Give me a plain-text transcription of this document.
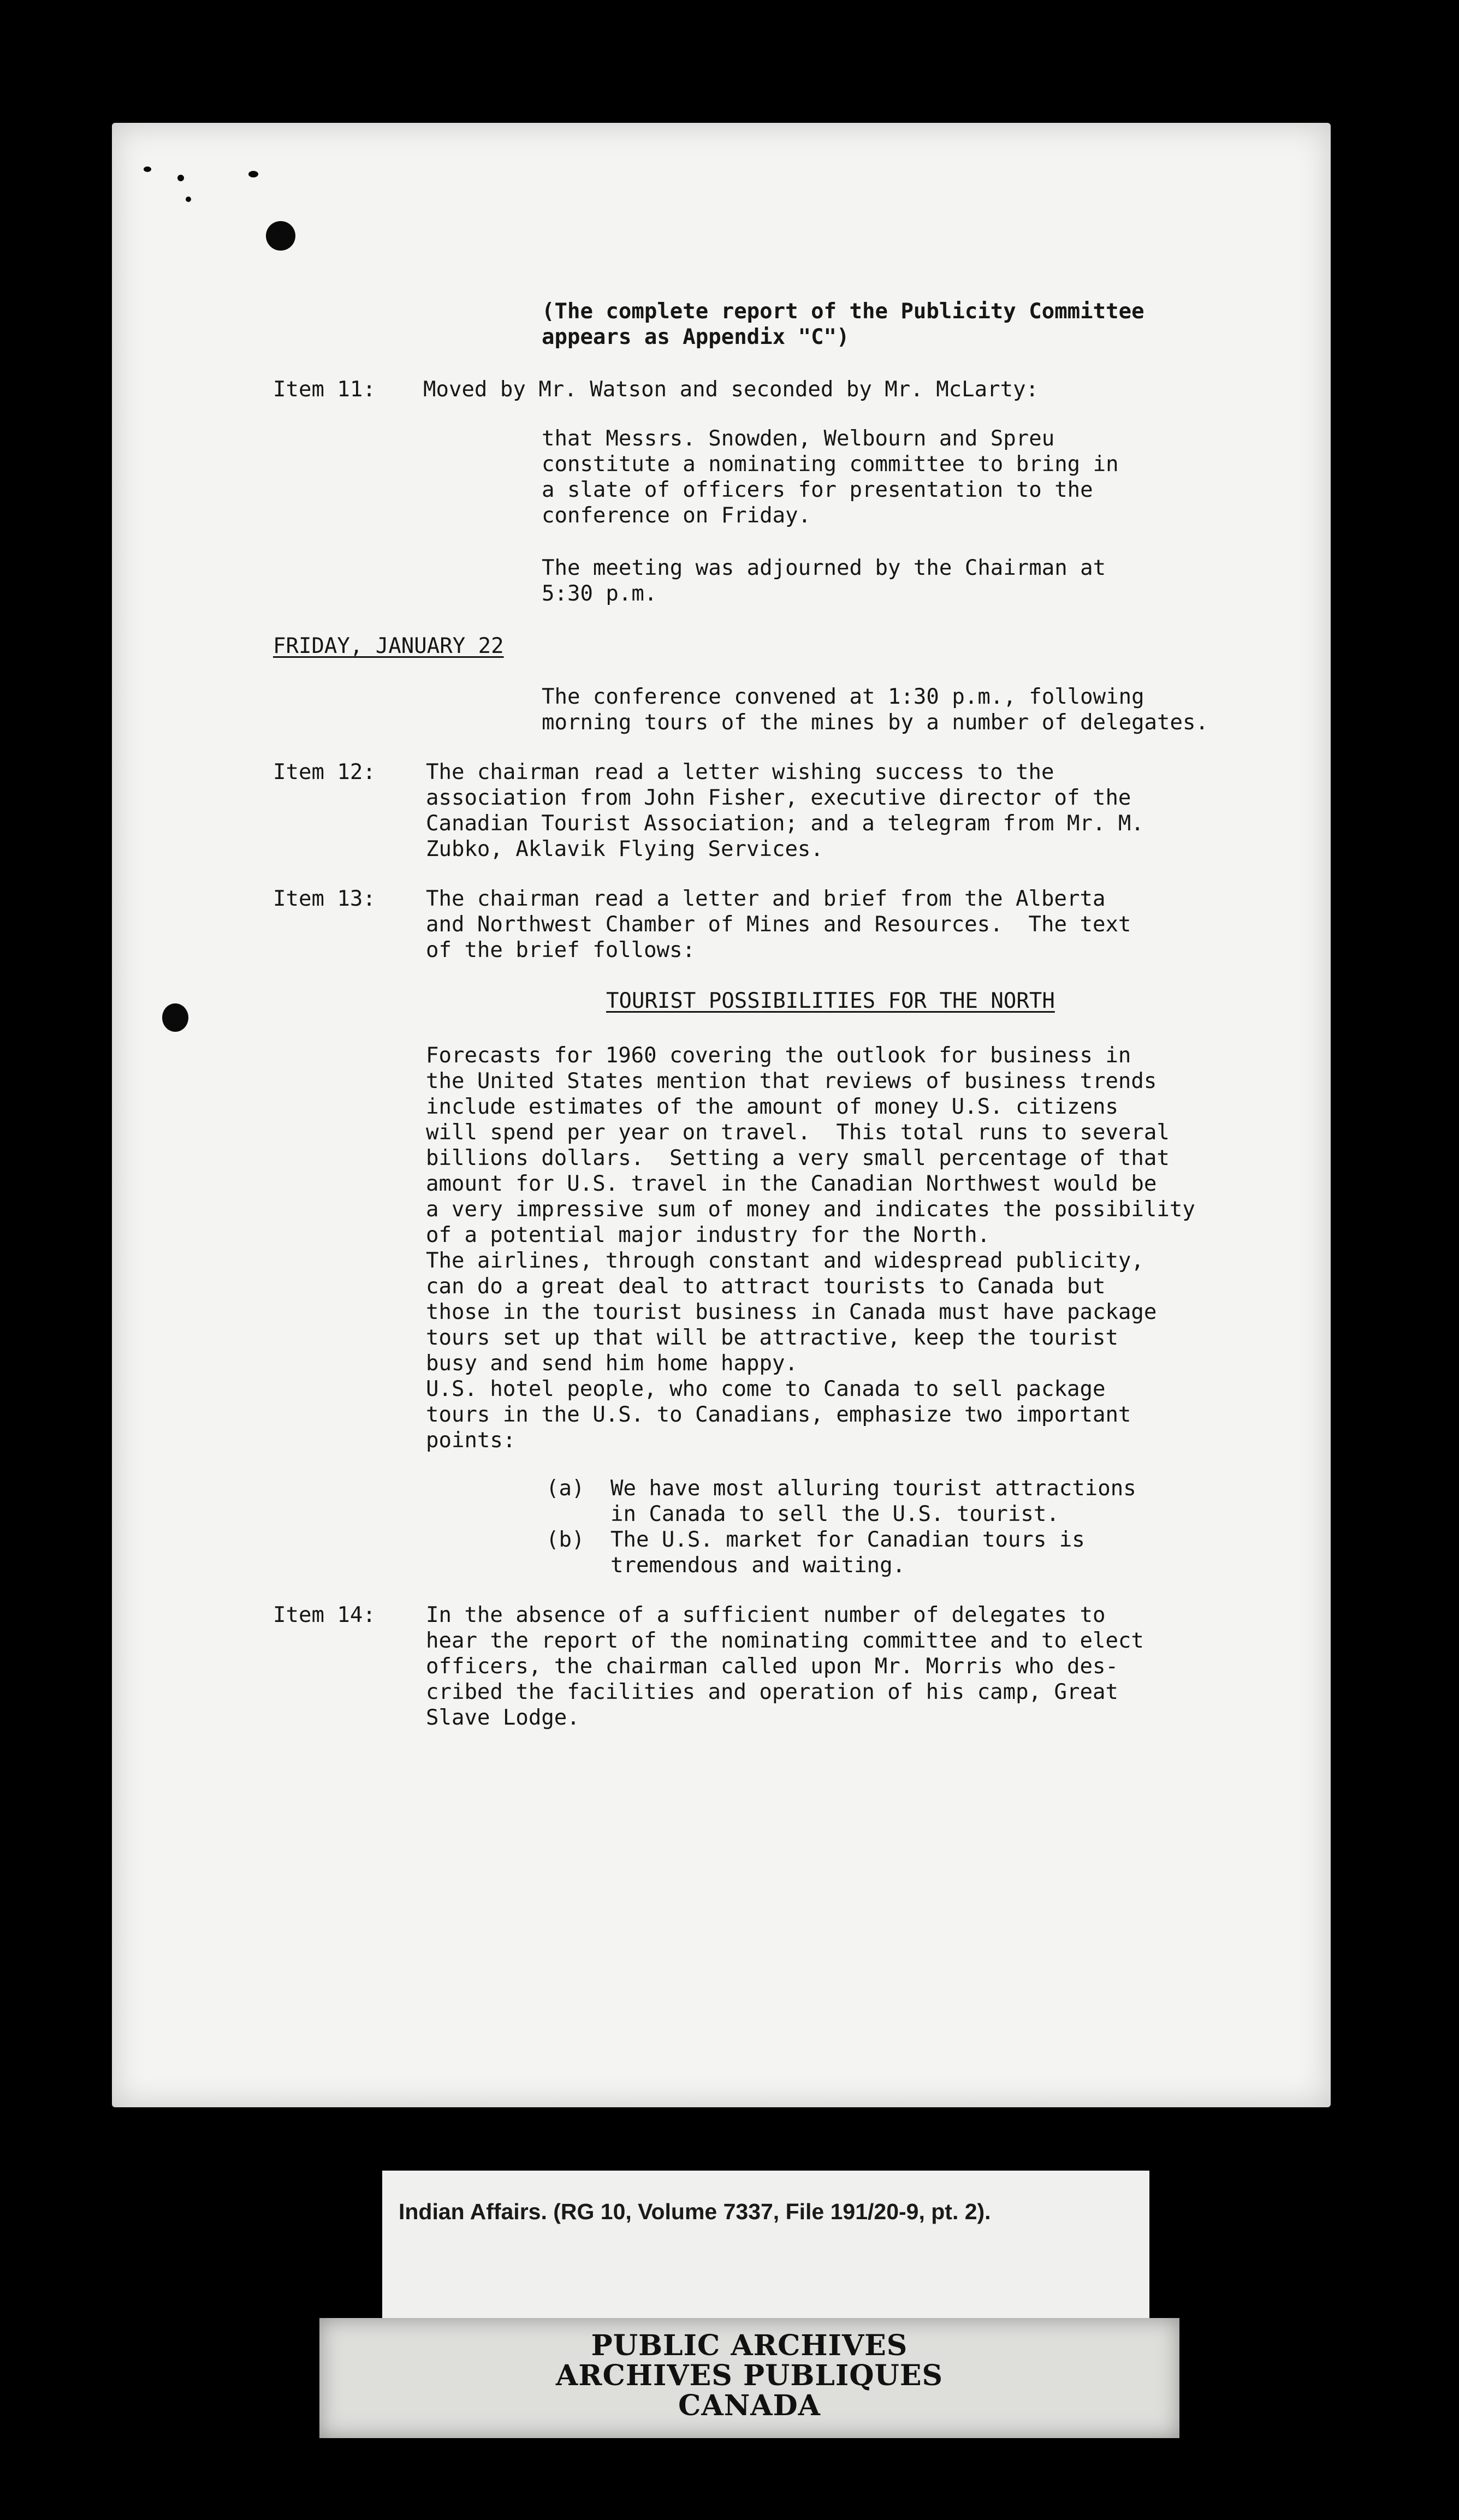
(The complete report of the Publicity Committee
appears as Appendix "C")
Item 11: Moved by Mr. Watson and seconded by Mr. McLarty:
that Messrs. Snowden, Welbourn and Spreu
constitute a nominating committee to bring in
a slate of officers for presentation to the
conference on Friday.
The meeting was adjourned by the Chairman at
5:30 p.m.
FRIDAY, JANUARY 22
The conference convened at 1:30 p.m., following
morning tours of the mines by a number of delegates.
Item 12: The chairman read a letter wishing success to the
association from John Fisher, executive director of the
Canadian Tourist Association; and a telegram from Mr. M.
Zubko, Aklavik Flying Services.
Item 13: The chairman read a letter and brief from the Alberta
and Northwest Chamber of Mines and Resources.  The text
of the brief follows:
TOURIST POSSIBILITIES FOR THE NORTH
Forecasts for 1960 covering the outlook for business in
the United States mention that reviews of business trends
include estimates of the amount of money U.S. citizens
will spend per year on travel.  This total runs to several
billions dollars.  Setting a very small percentage of that
amount for U.S. travel in the Canadian Northwest would be
a very impressive sum of money and indicates the possibility
of a potential major industry for the North.
The airlines, through constant and widespread publicity,
can do a great deal to attract tourists to Canada but
those in the tourist business in Canada must have package
tours set up that will be attractive, keep the tourist
busy and send him home happy.
U.S. hotel people, who come to Canada to sell package
tours in the U.S. to Canadians, emphasize two important
points:
(a) We have most alluring tourist attractions
in Canada to sell the U.S. tourist.
(b) The U.S. market for Canadian tours is
tremendous and waiting.
Item 14: In the absence of a sufficient number of delegates to
hear the report of the nominating committee and to elect
officers, the chairman called upon Mr. Morris who des-
cribed the facilities and operation of his camp, Great
Slave Lodge.
Indian Affairs. (RG 10, Volume 7337, File 191/20-9, pt. 2).
PUBLIC ARCHIVES
ARCHIVES PUBLIQUES
CANADA
